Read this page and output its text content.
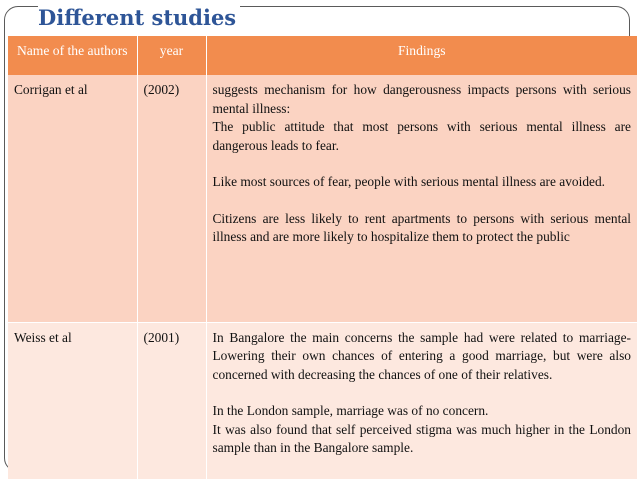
Different studies
Name of the authors	year	Findings
Corrigan et al	(2002)	suggests mechanism for how dangerousness impacts persons with serious mental illness:

The public attitude that most persons with serious mental illness are dangerous leads to fear.

Like most sources of fear, people with serious mental illness are avoided.

Citizens are less likely to rent apartments to persons with serious mental illness and are more likely to hospitalize them to protect the public

Weiss et al	(2001)	In Bangalore the main concerns the sample had were related to marriage-Lowering their own chances of entering a good marriage, but were also concerned with decreasing the chances of one of their relatives.

In the London sample, marriage was of no concern.

It was also found that self perceived stigma was much higher in the London sample than in the Bangalore sample.
